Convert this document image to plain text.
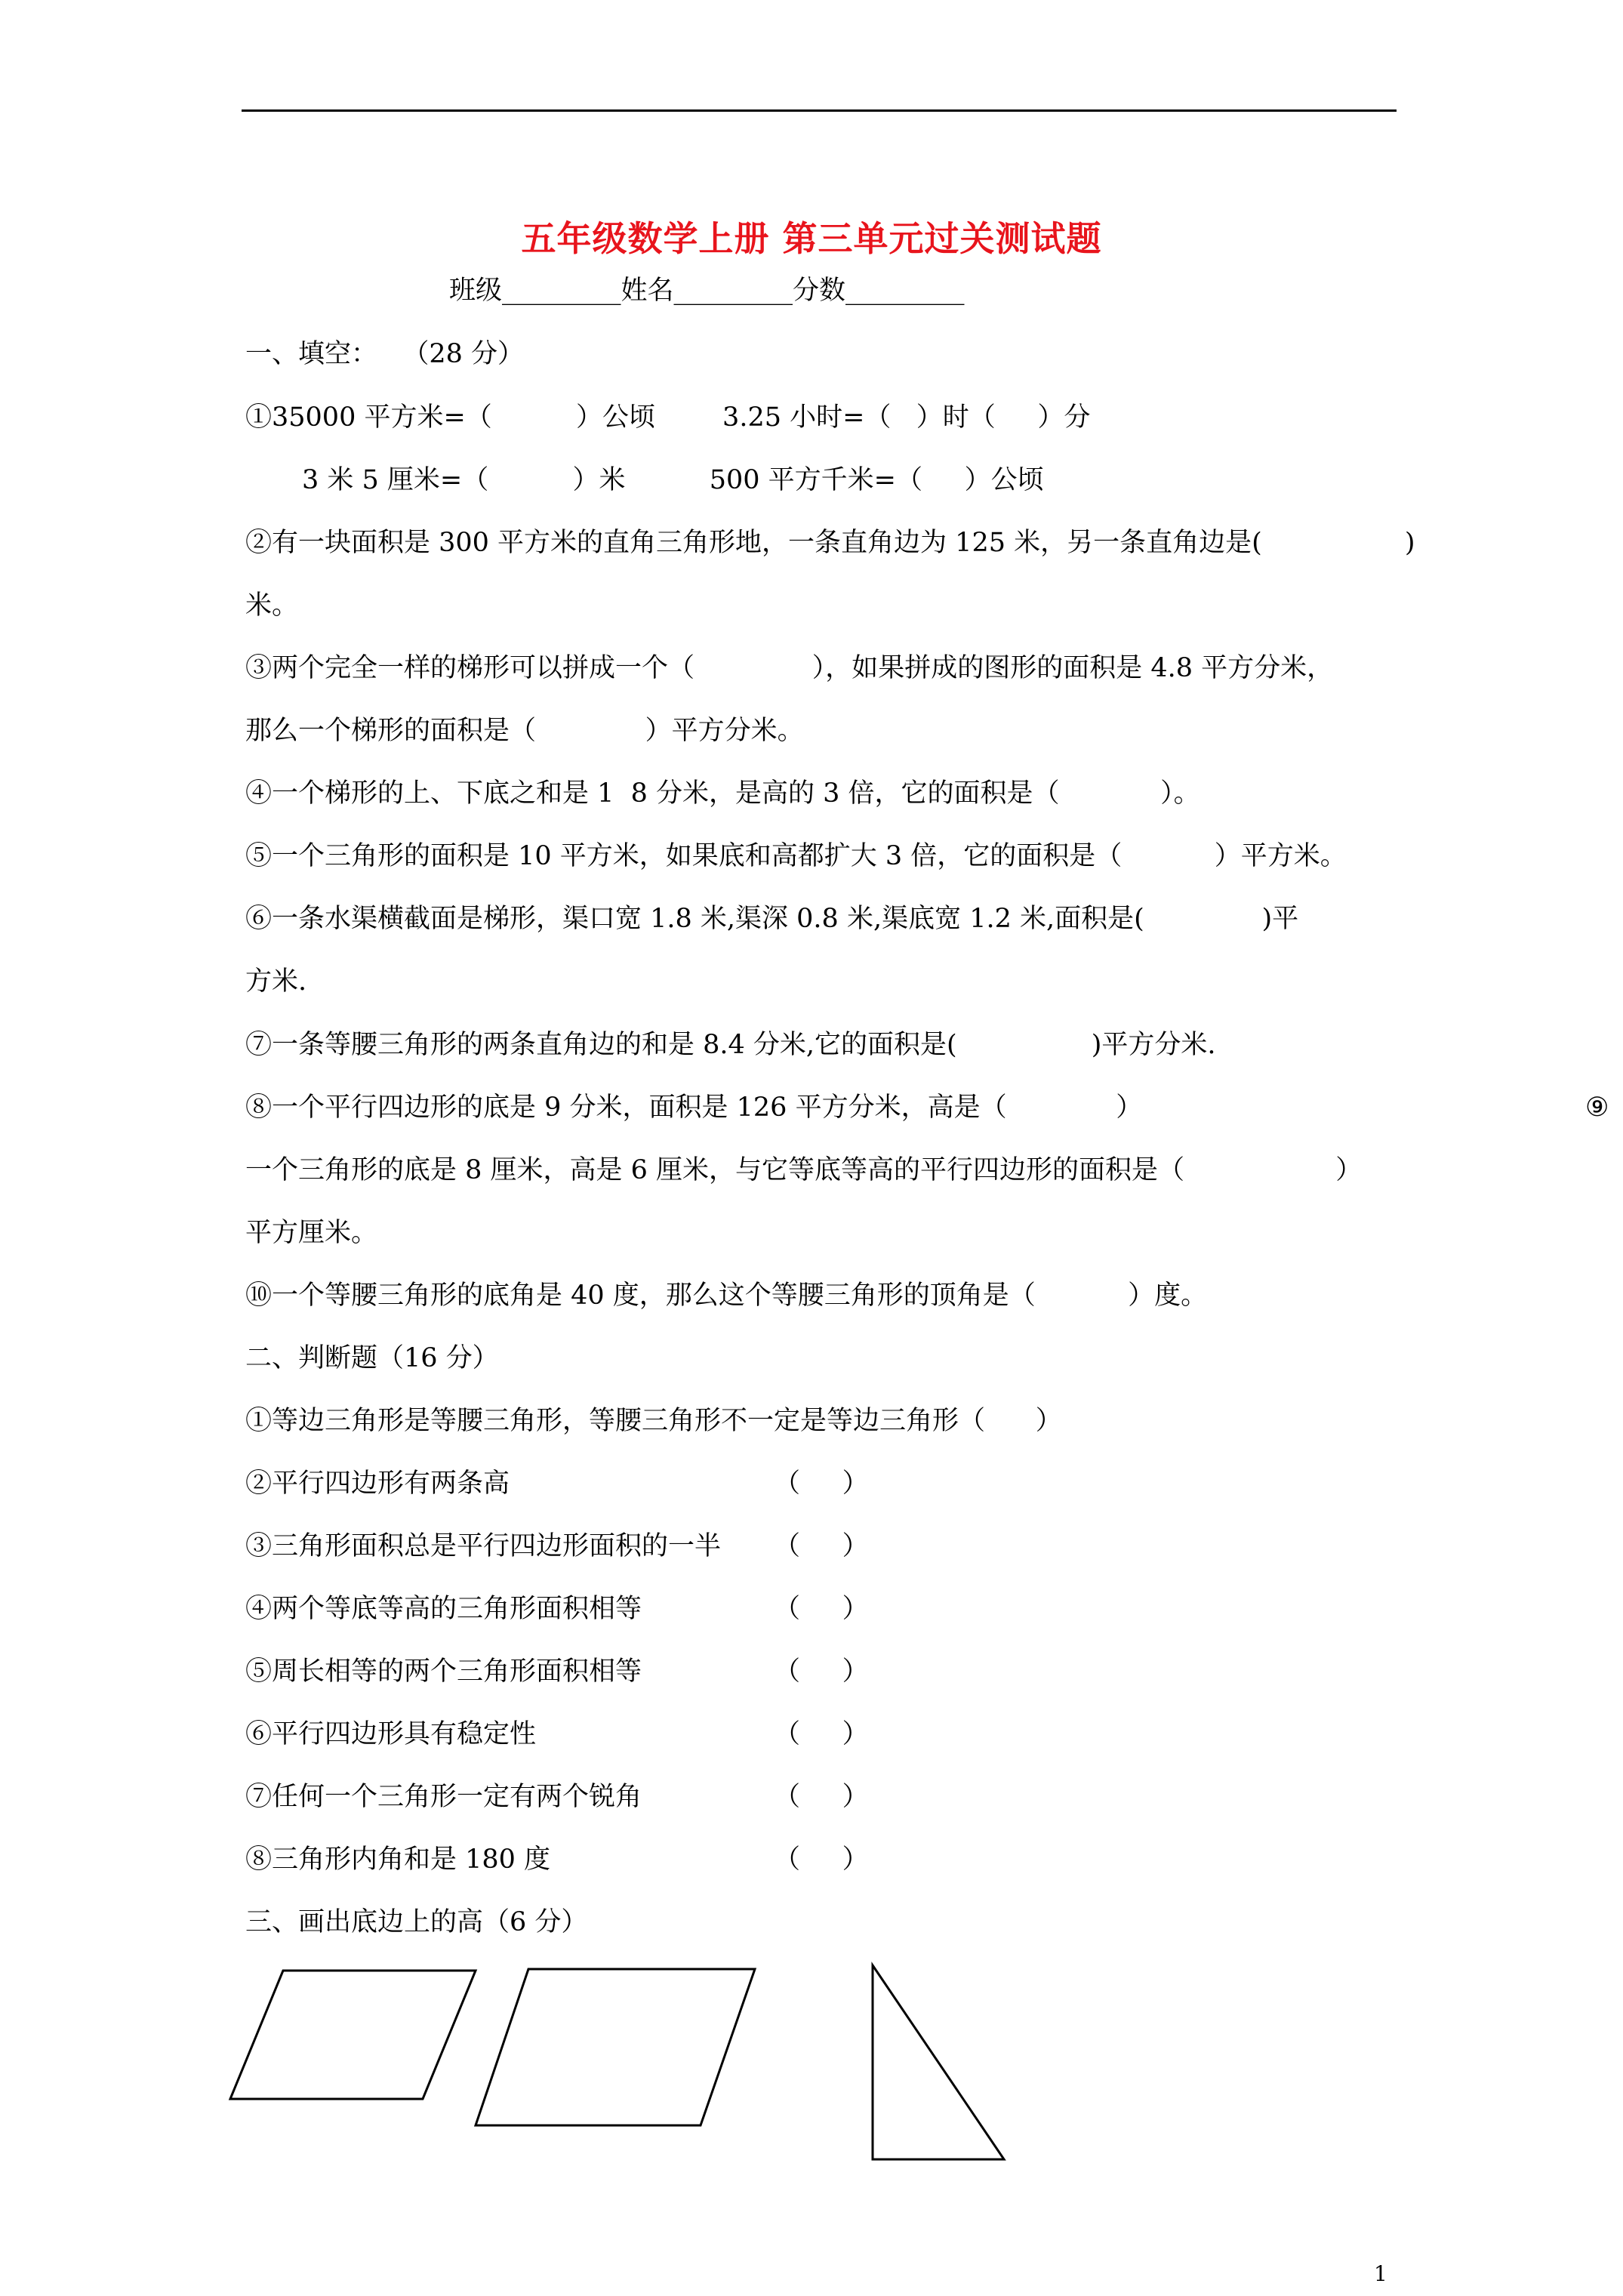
五年级数学上册 第三单元过关测试题
班级_________姓名_________分数_________
一、填空：   （28 分）
①35000 平方米=（          ）公顷        3.25 小时=（   ）时（     ）分
3 米 5 厘米=（          ）米          500 平方千米=（     ）公顷
②有一块面积是 300 平方米的直角三角形地，一条直角边为 125 米，另一条直角边是(                 )
米。
③两个完全一样的梯形可以拼成一个（              ），如果拼成的图形的面积是 4.8 平方分米，
那么一个梯形的面积是（             ）平方分米。
④一个梯形的上、下底之和是 1  8 分米，是高的 3 倍，它的面积是（            ）。
⑤一个三角形的面积是 10 平方米，如果底和高都扩大 3 倍，它的面积是（           ）平方米。
⑥一条水渠横截面是梯形，渠口宽 1.8 米,渠深 0.8 米,渠底宽 1.2 米,面积是(              )平
方米.
⑦一条等腰三角形的两条直角边的和是 8.4 分米,它的面积是(                )平方分米.
⑧一个平行四边形的底是 9 分米，面积是 126 平方分米，高是（             ）	⑨
一个三角形的底是 8 厘米，高是 6 厘米，与它等底等高的平行四边形的面积是（                  ）
平方厘米。
⑩一个等腰三角形的底角是 40 度，那么这个等腰三角形的顶角是（           ）度。
二、判断题（16 分）
①等边三角形是等腰三角形，等腰三角形不一定是等边三角形（      ）
②平行四边形有两条高	（     ）
③三角形面积总是平行四边形面积的一半 （     ）
④两个等底等高的三角形面积相等	（     ）
⑤周长相等的两个三角形面积相等	（     ）
⑥平行四边形具有稳定性	（     ）
⑦任何一个三角形一定有两个锐角	（     ）
⑧三角形内角和是 180 度	（     ）
三、画出底边上的高（6 分）
1
